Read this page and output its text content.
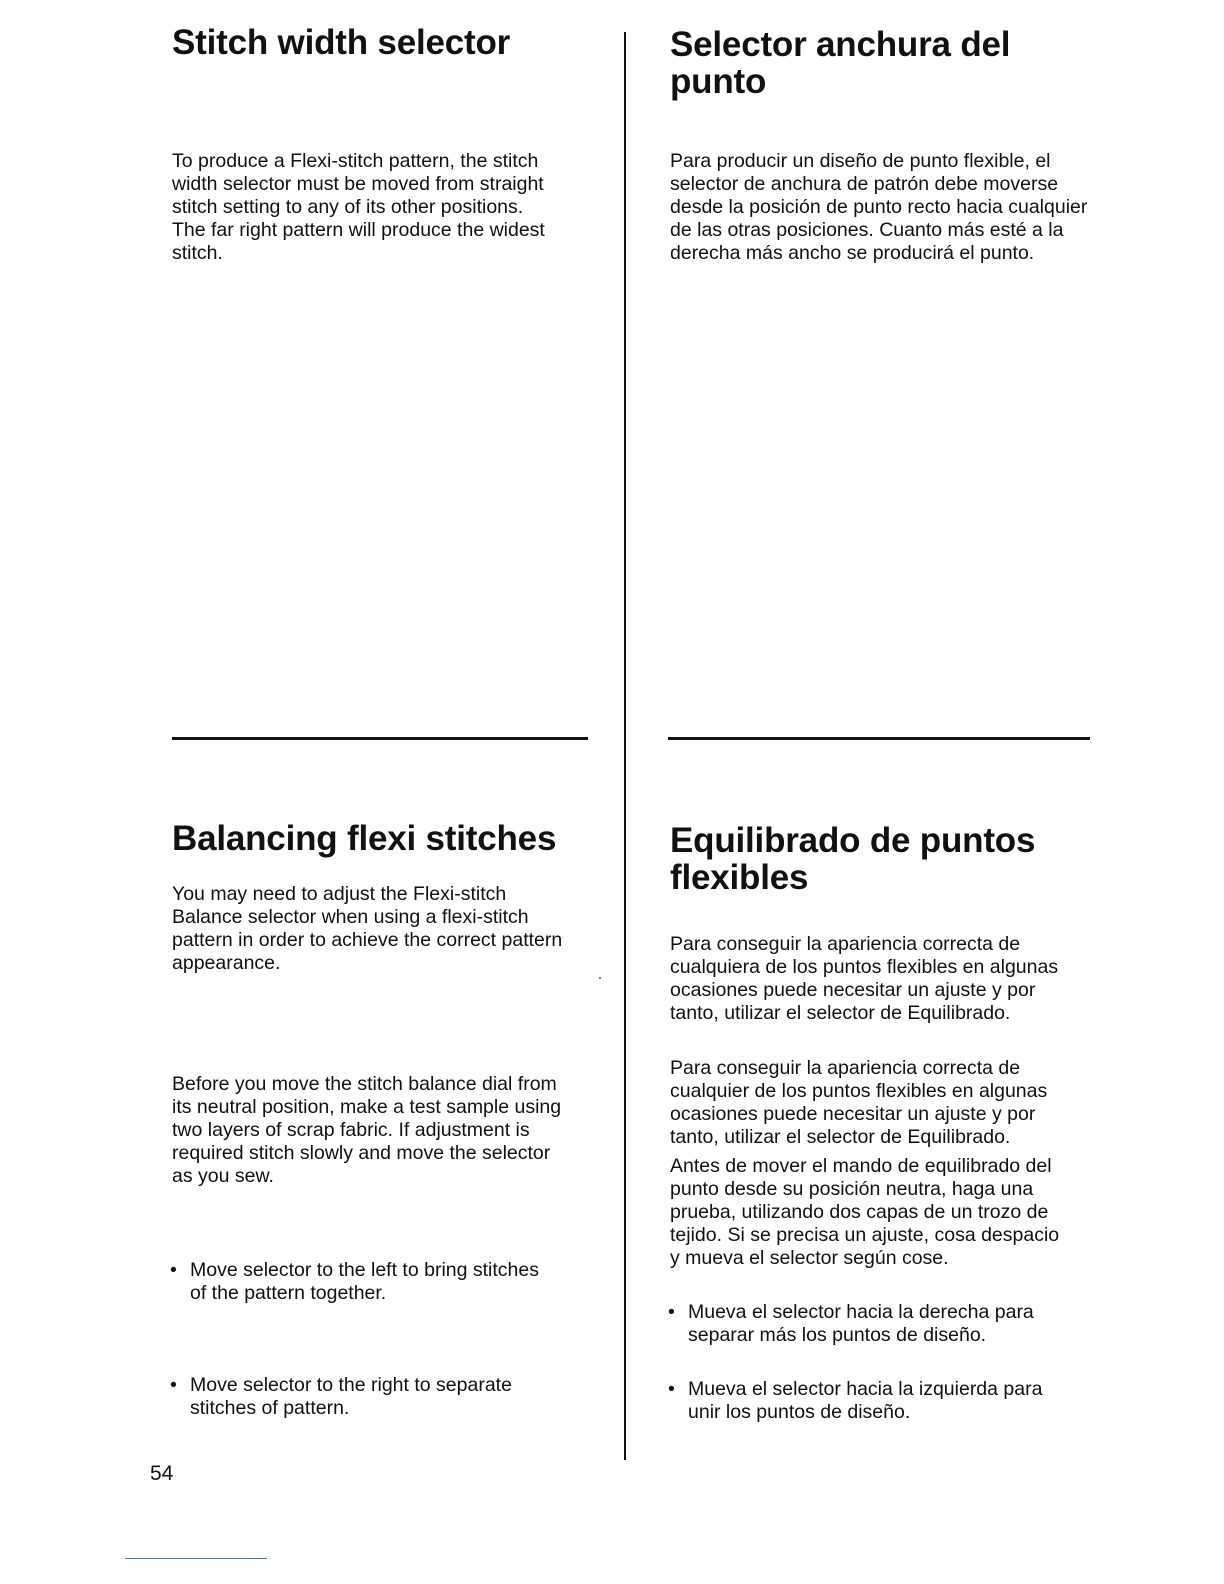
Stitch width selector

To produce a Flexi-stitch pattern, the stitch
width selector must be moved from straight
stitch setting to any of its other positions.
The far right pattern will produce the widest
stitch.

Balancing flexi stitches

You may need to adjust the Flexi-stitch
Balance selector when using a flexi-stitch
pattern in order to achieve the correct pattern
appearance.

Before you move the stitch balance dial from
its neutral position, make a test sample using
two layers of scrap fabric. If adjustment is
required stitch slowly and move the selector
as you sew.

• Move selector to the left to bring stitches
of the pattern together.
• Move selector to the right to separate
stitches of pattern.
Selector anchura del
punto

Para producir un diseño de punto flexible, el
selector de anchura de patrón debe moverse
desde la posición de punto recto hacia cualquier
de las otras posiciones. Cuanto más esté a la
derecha más ancho se producirá el punto.

Equilibrado de puntos
flexibles

Para conseguir la apariencia correcta de
cualquiera de los puntos flexibles en algunas
ocasiones puede necesitar un ajuste y por
tanto, utilizar el selector de Equilibrado.

Para conseguir la apariencia correcta de
cualquier de los puntos flexibles en algunas
ocasiones puede necesitar un ajuste y por
tanto, utilizar el selector de Equilibrado.

Antes de mover el mando de equilibrado del
punto desde su posición neutra, haga una
prueba, utilizando dos capas de un trozo de
tejido. Si se precisa un ajuste, cosa despacio
y mueva el selector según cose.

• Mueva el selector hacia la derecha para
separar más los puntos de diseño.
• Mueva el selector hacia la izquierda para
unir los puntos de diseño.
54
